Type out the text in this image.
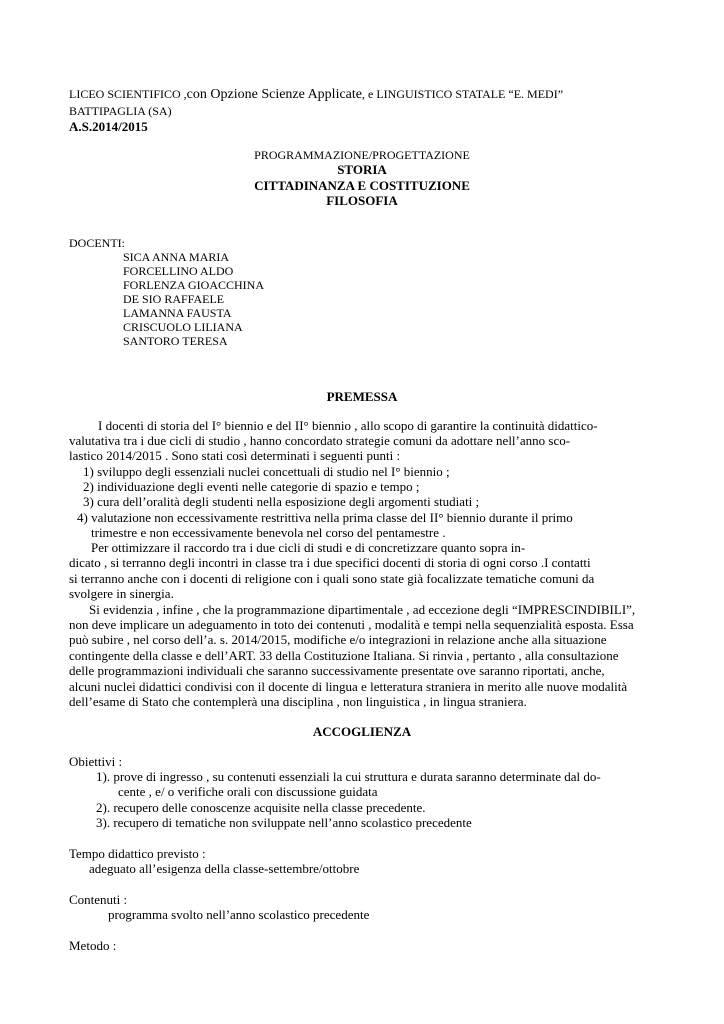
LICEO SCIENTIFICO ,con Opzione Scienze Applicate, e LINGUISTICO STATALE “E. MEDI”
BATTIPAGLIA (SA)
A.S.2014/2015
PROGRAMMAZIONE/PROGETTAZIONE
STORIA
CITTADINANZA E COSTITUZIONE
FILOSOFIA
DOCENTI:
SICA ANNA MARIA
FORCELLINO ALDO
FORLENZA GIOACCHINA
DE SIO RAFFAELE
LAMANNA FAUSTA
CRISCUOLO LILIANA
SANTORO TERESA
PREMESSA
I docenti di storia del I° biennio e del II° biennio , allo scopo di garantire la continuità didattico-
valutativa tra i due cicli di studio , hanno concordato strategie comuni da adottare nell’anno sco-
lastico 2014/2015 . Sono stati così determinati i seguenti punti :
1) sviluppo degli essenziali nuclei concettuali di studio nel I° biennio ;
2) individuazione degli eventi nelle categorie di spazio e tempo ;
3) cura dell’oralità degli studenti nella esposizione degli argomenti studiati ;
4) valutazione non eccessivamente restrittiva nella prima classe del II° biennio durante il primo
trimestre e non eccessivamente benevola nel corso del pentamestre .
Per ottimizzare il raccordo tra i due cicli di studi e di concretizzare quanto sopra in-
dicato , si terranno degli incontri in classe tra i due specifici docenti di storia di ogni corso .I contatti
si terranno anche con i docenti di religione con i quali sono state già focalizzate tematiche comuni da
svolgere in sinergia.
Si evidenzia , infine , che la programmazione dipartimentale , ad eccezione degli “IMPRESCINDIBILI”,
non deve implicare un adeguamento in toto dei contenuti , modalità e tempi nella sequenzialità esposta. Essa
può subire , nel corso dell’a. s. 2014/2015, modifiche e/o integrazioni in relazione anche alla situazione
contingente della classe e dell’ART. 33 della Costituzione Italiana. Si rinvia , pertanto , alla consultazione
delle programmazioni individuali che saranno successivamente presentate ove saranno riportati, anche,
alcuni nuclei didattici condivisi con il docente di lingua e letteratura straniera in merito alle nuove modalità
dell’esame di Stato che contemplerà una disciplina , non linguistica , in lingua straniera.
ACCOGLIENZA
Obiettivi :
1). prove di ingresso , su contenuti essenziali la cui struttura e durata saranno determinate dal do-
cente , e/ o verifiche orali con discussione guidata
2). recupero delle conoscenze acquisite nella classe precedente.
3). recupero di tematiche non sviluppate nell’anno scolastico precedente
Tempo didattico previsto :
adeguato all’esigenza della classe-settembre/ottobre
Contenuti :
programma svolto nell’anno scolastico precedente
Metodo :
